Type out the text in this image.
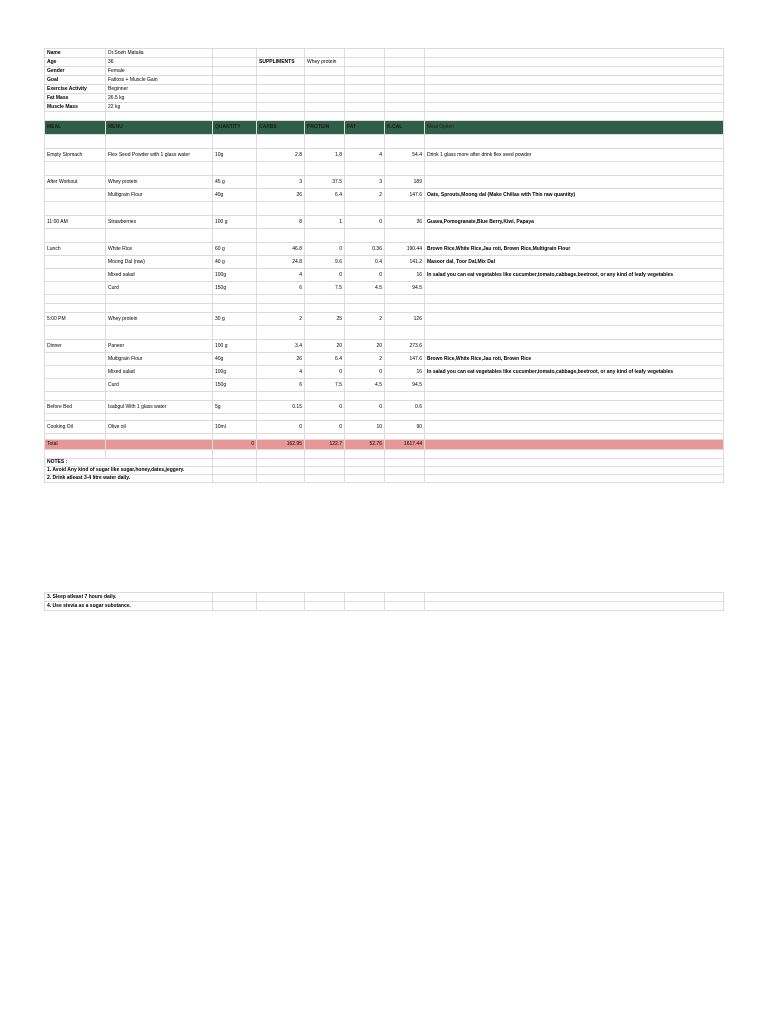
Name	Dr.Sneh Matalia						
Age	36		SUPPLIMENTS	Whey protein			
Gender	Female						
Goal	Fatloss + Muscle Gain						
Exercise Activity	Beginner						
Fat Mass	26.5 kg						
Muscle Mass	22 kg						

MEAL	MENU	QUANTITY	CARBS	PROTEIN	FAT	K.CAL	Meal Option

Empty Stomach	Flex Seed Powder with 1 glass water	10g	2.8	1.8	4	54.4	Drink 1 glass more after drink flex seed powder

After Workout	Whey protein	45 g	3	37.5	3	189	
	Multigrain Flour	40g	26	6.4	2	147.6	Oats, Sprouts,Moong dal (Make Chillas with This raw quantity)

11:00 AM	Strawberries	100 g	8	1	0	36	Guava,Pomogranate,Blue Berry,Kiwi, Papaya

Lunch	White Rice	60 g	46.8	0	0.36	190.44	Brown Rice,White Rice,Jau roti, Brown Rice,Multigrain Flour
	Moong Dal (raw)	40 g	24.8	9.6	0.4	141.2	Masoor dal, Toor Dal,Mix Dal
	Mixed salad	100g	4	0	0	16	In salad you can eat vegetables like cucumber,tomato,cabbage,beetroot, or any kind of leafy vegetables
	Curd	150g	6	7.5	4.5	94.5	

5:00 PM	Whey protein	30 g	2	25	2	126	

Dinner	Paneer	100 g	3.4	20	20	273.6	
	Multigrain Flour	40g	26	6.4	2	147.6	Brown Rice,White Rice,Jau roti, Brown Rice
	Mixed salad	100g	4	0	0	16	In salad you can eat vegetables like cucumber,tomato,cabbage,beetroot, or any kind of leafy vegetables
	Curd	150g	6	7.5	4.5	94.5	

Before Bed	Isabgul With 1 glass water	5g	0.15	0	0	0.6	

Cooking Oil	Olive oil	10ml	0	0	10	90	

Total		0	162.95	122.7	52.76	1617.44	

NOTES :							
1. Avoid Any kind of sugar like sugar,honey,dates,jeggery.							
2. Drink atleast 3-4 litre water daily.							
3. Sleep atleast 7 hours daily.						
4. Use stevia as a sugar substance.						
